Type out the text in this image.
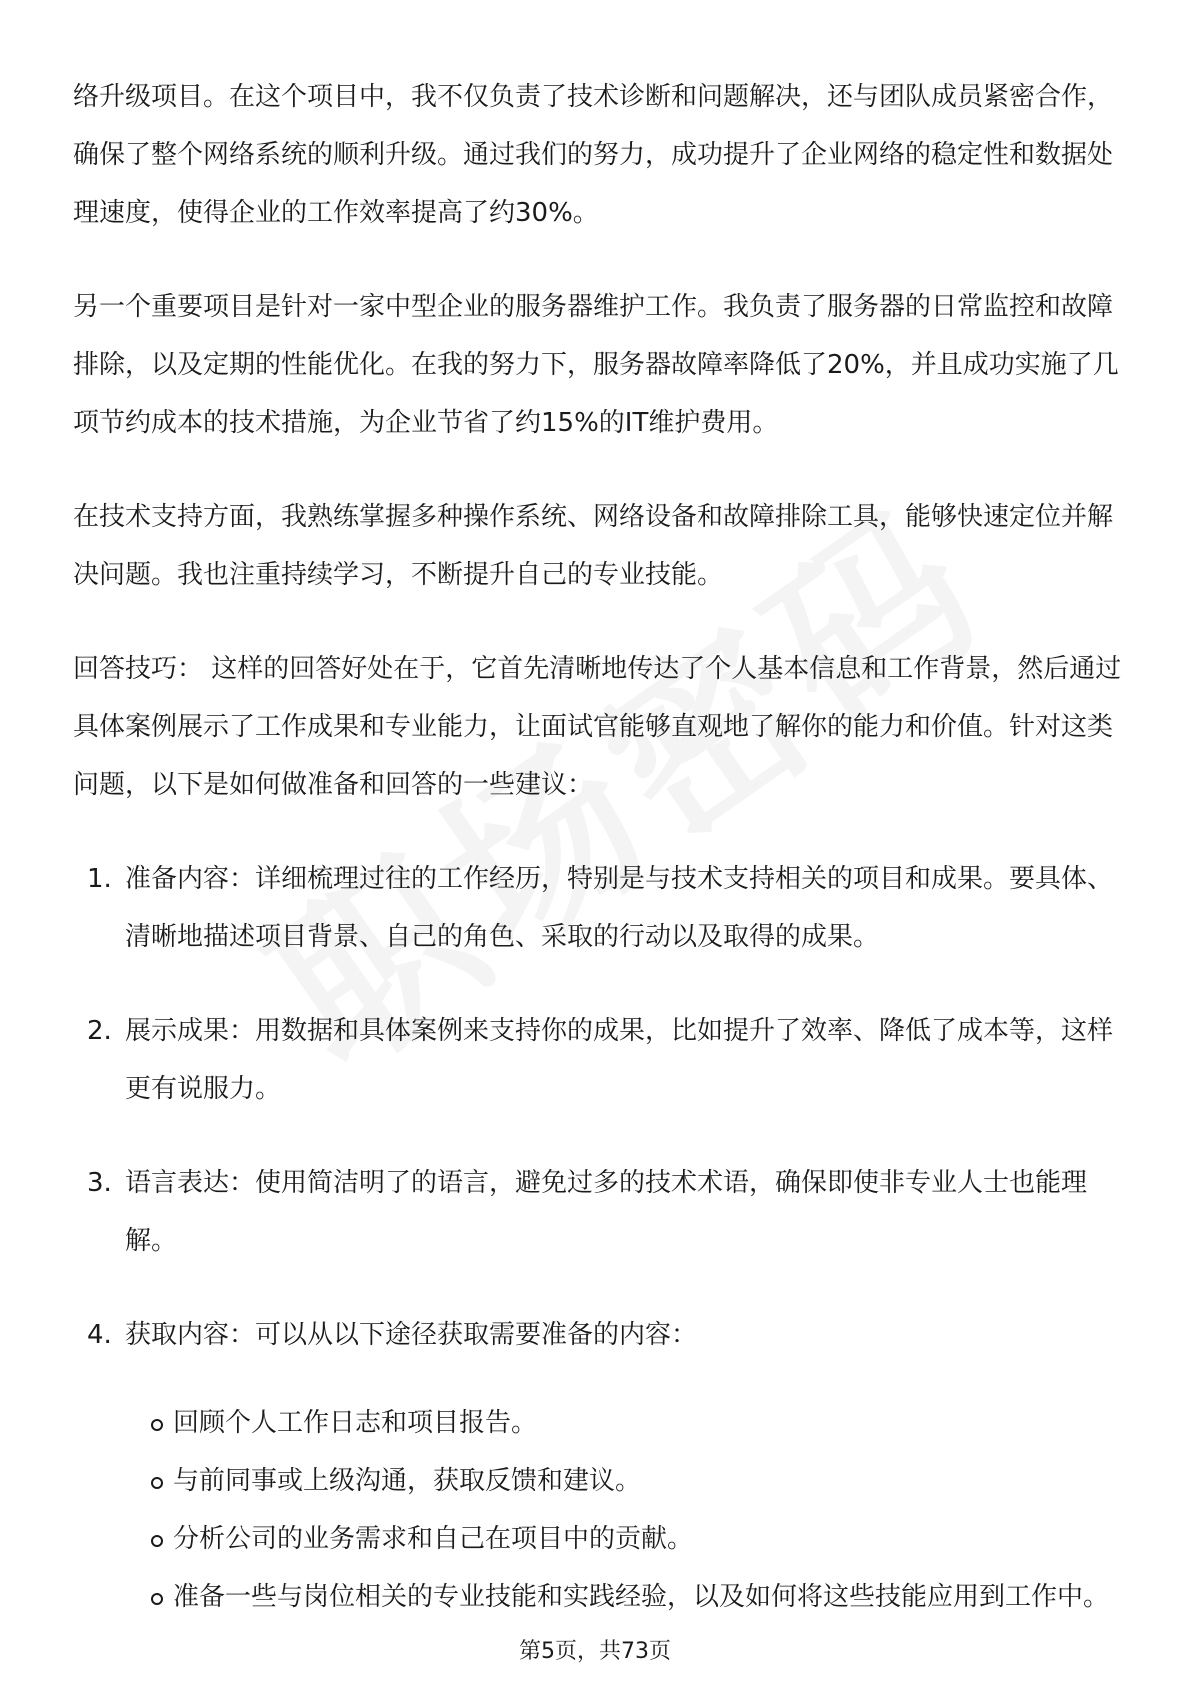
络升级项目。在这个项目中，我不仅负责了技术诊断和问题解决，还与团队成员紧密合作，确保了整个网络系统的顺利升级。通过我们的努力，成功提升了企业网络的稳定性和数据处理速度，使得企业的工作效率提高了约30%。

另一个重要项目是针对一家中型企业的服务器维护工作。我负责了服务器的日常监控和故障排除，以及定期的性能优化。在我的努力下，服务器故障率降低了20%，并且成功实施了几项节约成本的技术措施，为企业节省了约15%的IT维护费用。

在技术支持方面，我熟练掌握多种操作系统、网络设备和故障排除工具，能够快速定位并解决问题。我也注重持续学习，不断提升自己的专业技能。

回答技巧： 这样的回答好处在于，它首先清晰地传达了个人基本信息和工作背景，然后通过具体案例展示了工作成果和专业能力，让面试官能够直观地了解你的能力和价值。针对这类问题，以下是如何做准备和回答的一些建议：

1. 准备内容：详细梳理过往的工作经历，特别是与技术支持相关的项目和成果。要具体、清晰地描述项目背景、自己的角色、采取的行动以及取得的成果。
2. 展示成果：用数据和具体案例来支持你的成果，比如提升了效率、降低了成本等，这样更有说服力。
3. 语言表达：使用简洁明了的语言，避免过多的技术术语，确保即使非专业人士也能理解。
4. 获取内容：可以从以下途径获取需要准备的内容：
回顾个人工作日志和项目报告。
与前同事或上级沟通，获取反馈和建议。
分析公司的业务需求和自己在项目中的贡献。
准备一些与岗位相关的专业技能和实践经验，以及如何将这些技能应用到工作中。
第5页，共73页
